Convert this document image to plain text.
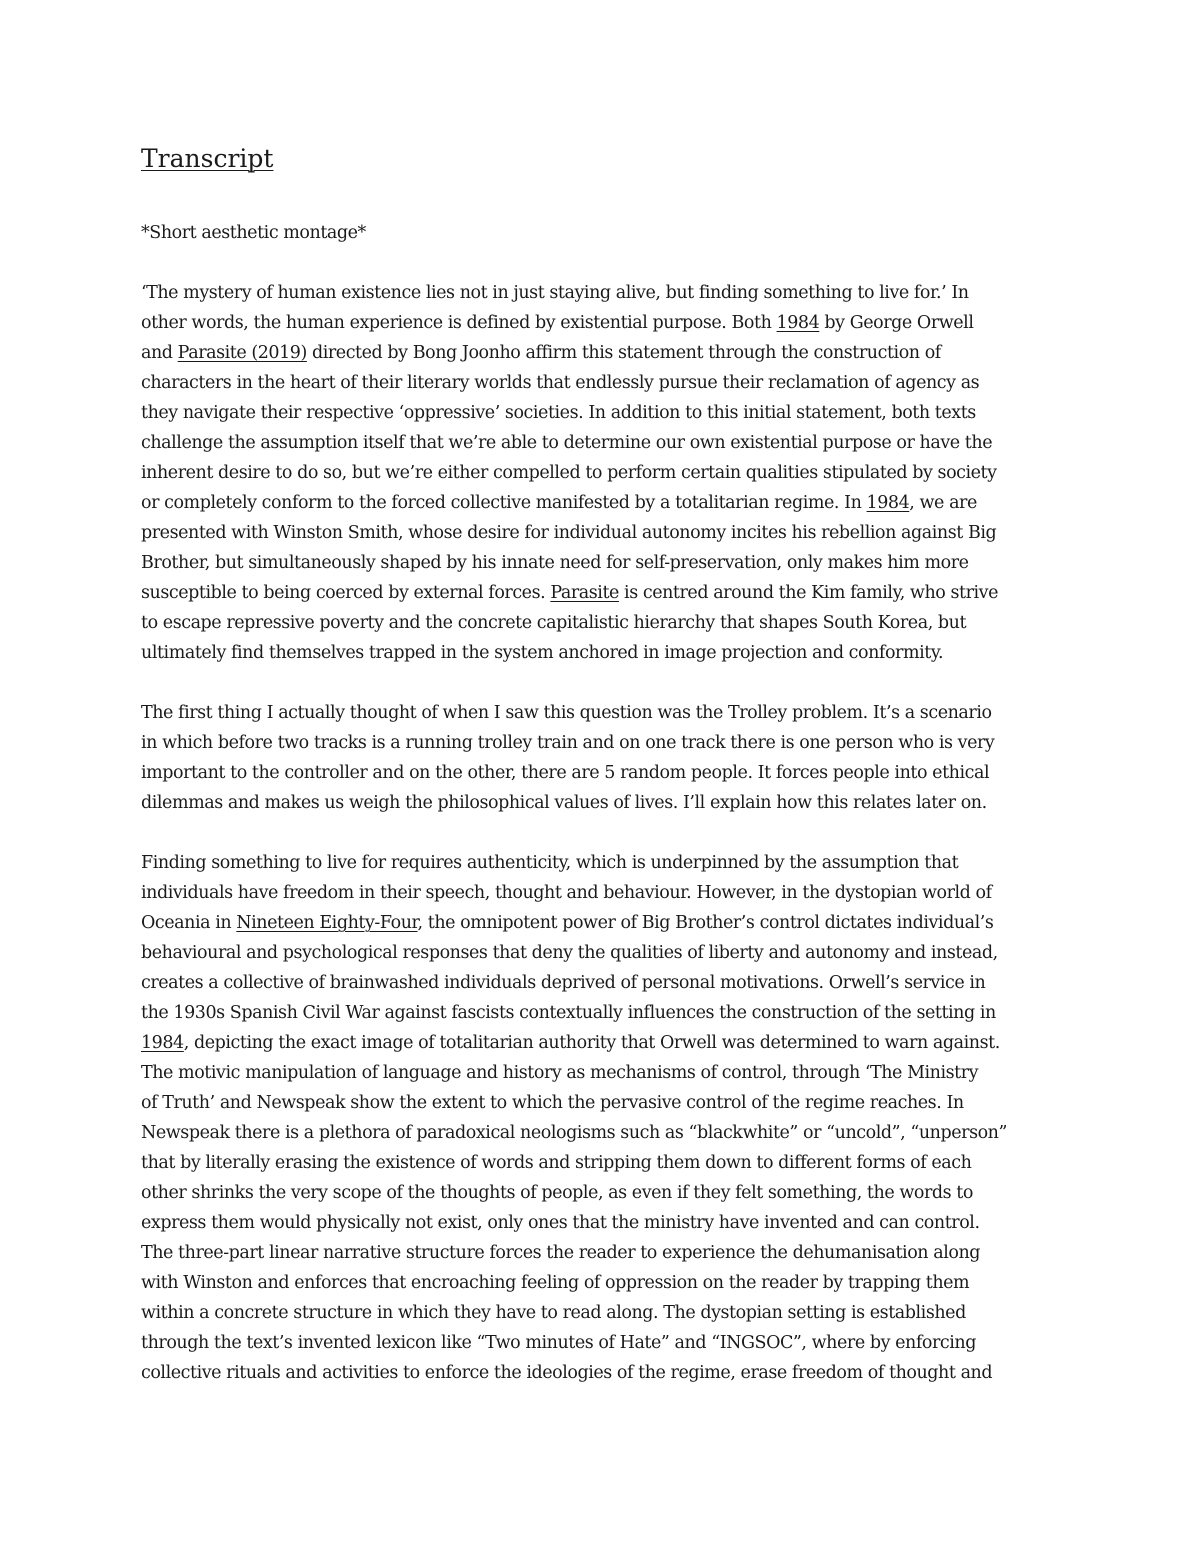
Transcript
*Short aesthetic montage*
‘The mystery of human existence lies not in just staying alive, but finding something to live for.’ In
other words, the human experience is defined by existential purpose. Both 1984 by George Orwell
and Parasite (2019) directed by Bong Joonho affirm this statement through the construction of
characters in the heart of their literary worlds that endlessly pursue their reclamation of agency as
they navigate their respective ‘oppressive’ societies. In addition to this initial statement, both texts
challenge the assumption itself that we’re able to determine our own existential purpose or have the
inherent desire to do so, but we’re either compelled to perform certain qualities stipulated by society
or completely conform to the forced collective manifested by a totalitarian regime. In 1984, we are
presented with Winston Smith, whose desire for individual autonomy incites his rebellion against Big
Brother, but simultaneously shaped by his innate need for self-preservation, only makes him more
susceptible to being coerced by external forces. Parasite is centred around the Kim family, who strive
to escape repressive poverty and the concrete capitalistic hierarchy that shapes South Korea, but
ultimately find themselves trapped in the system anchored in image projection and conformity.
The first thing I actually thought of when I saw this question was the Trolley problem. It’s a scenario
in which before two tracks is a running trolley train and on one track there is one person who is very
important to the controller and on the other, there are 5 random people. It forces people into ethical
dilemmas and makes us weigh the philosophical values of lives. I’ll explain how this relates later on.
Finding something to live for requires authenticity, which is underpinned by the assumption that
individuals have freedom in their speech, thought and behaviour. However, in the dystopian world of
Oceania in Nineteen Eighty-Four, the omnipotent power of Big Brother’s control dictates individual’s
behavioural and psychological responses that deny the qualities of liberty and autonomy and instead,
creates a collective of brainwashed individuals deprived of personal motivations. Orwell’s service in
the 1930s Spanish Civil War against fascists contextually influences the construction of the setting in
1984, depicting the exact image of totalitarian authority that Orwell was determined to warn against.
The motivic manipulation of language and history as mechanisms of control, through ‘The Ministry
of Truth’ and Newspeak show the extent to which the pervasive control of the regime reaches. In
Newspeak there is a plethora of paradoxical neologisms such as “blackwhite” or “uncold”, “unperson”
that by literally erasing the existence of words and stripping them down to different forms of each
other shrinks the very scope of the thoughts of people, as even if they felt something, the words to
express them would physically not exist, only ones that the ministry have invented and can control.
The three-part linear narrative structure forces the reader to experience the dehumanisation along
with Winston and enforces that encroaching feeling of oppression on the reader by trapping them
within a concrete structure in which they have to read along. The dystopian setting is established
through the text’s invented lexicon like “Two minutes of Hate” and “INGSOC”, where by enforcing
collective rituals and activities to enforce the ideologies of the regime, erase freedom of thought and
